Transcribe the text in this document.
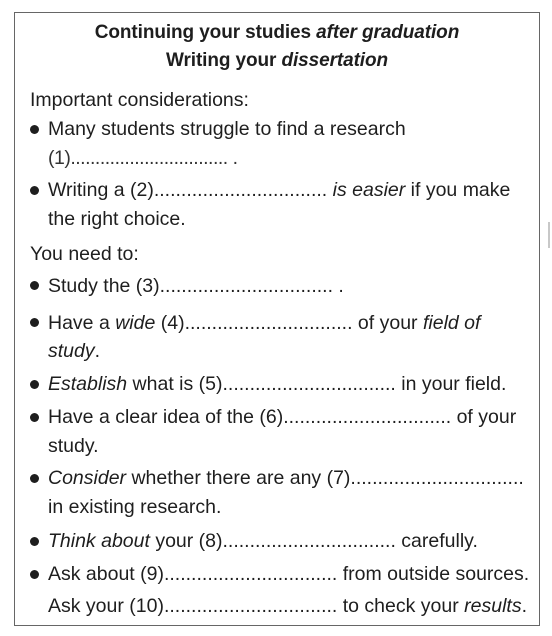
Continuing your studies after graduation
Writing your dissertation
Important considerations:
Many students struggle to find a research
(1)................................ .
Writing a (2)................................ is easier if you make
the right choice.
You need to:
Study the (3)................................ .
Have a wide (4)............................... of your field of
study.
Establish what is (5)................................ in your field.
Have a clear idea of the (6)............................... of your
study.
Consider whether there are any (7)................................
in existing research.
Think about your (8)................................ carefully.
Ask about (9)................................ from outside sources.
Ask your (10)................................ to check your results.
